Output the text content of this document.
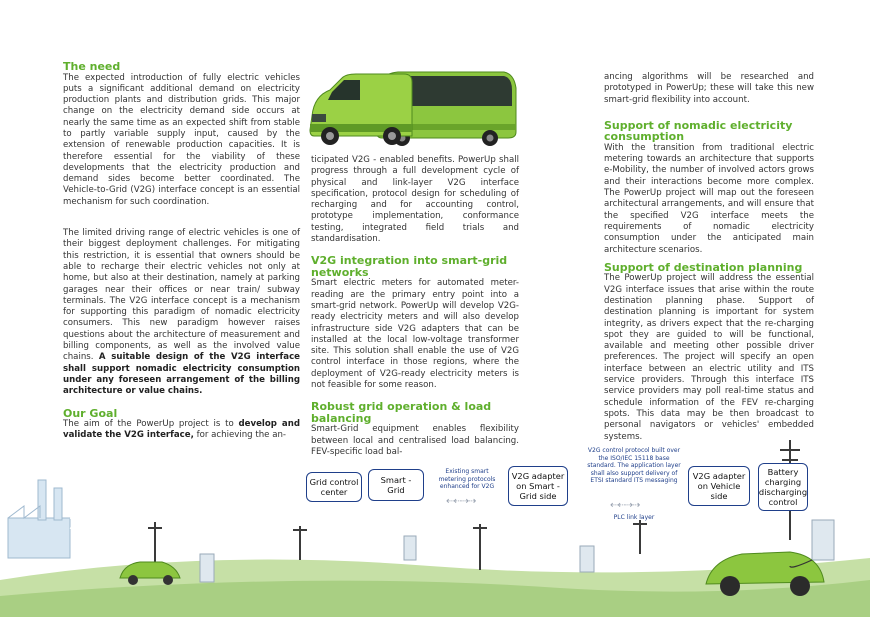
The need

The expected introduction of fully electric vehicles puts a significant additional demand on electricity production plants and distribution grids. This major change on the electricity demand side occurs at nearly the same time as an expected shift from stable to partly variable supply input, caused by the extension of renewable production capacities. It is therefore essential for the viability of these developments that the electricity production and demand sides become better coordinated. The Vehicle-to-Grid (V2G) interface concept is an essential mechanism for such coordination.

The limited driving range of electric vehicles is one of their biggest deployment challenges. For mitigating this restriction, it is essential that owners should be able to recharge their electric vehicles not only at home, but also at their destination, namely at parking garages near their offices or near train/ subway terminals. The V2G interface concept is a mechanism for supporting this paradigm of nomadic electricity consumers. This new paradigm however raises questions about the architecture of measurement and billing components, as well as the involved value chains. A suitable design of the V2G interface shall support nomadic electricity consumption under any foreseen arrangement of the billing architecture or value chains.

Our Goal

The aim of the PowerUp project is to develop and validate the V2G interface, for achieving the an-

ticipated V2G - enabled benefits. PowerUp shall progress through a full development cycle of physical and link-layer V2G interface specification, protocol design for scheduling of recharging and for accounting control, prototype implementation, conformance testing, integrated field trials and standardisation.

V2G integration into smart-grid networks

Smart electric meters for automated meter-reading are the primary entry point into a smart-grid network. PowerUp will develop V2G-ready electricity meters and will also develop infrastructure side V2G adapters that can be installed at the local low-voltage transformer site. This solution shall enable the use of V2G control interface in those regions, where the deployment of V2G-ready electricity meters is not feasible for some reason.

Robust grid operation & load balancing

Smart-Grid equipment enables flexibility between local and centralised load balancing. FEV-specific load bal-

ancing algorithms will be researched and prototyped in PowerUp; these will take this new smart-grid flexibility into account.

Support of nomadic electricity consumption

With the transition from traditional electric metering towards an architecture that supports e-Mobility, the number of involved actors grows and their interactions become more complex. The PowerUp project will map out the foreseen architectural arrangements, and will ensure that the specified V2G interface meets the requirements of nomadic electricity consumption under the anticipated main architecture scenarios.

Support of destination planning

The PowerUp project will address the essential V2G interface issues that arise within the route destination planning phase. Support of destination planning is important for system integrity, as drivers expect that the re-charging spot they are guided to will be functional, available and meeting other possible driver preferences. The project will specify an open interface between an electric utility and ITS service providers. Through this interface ITS service providers may poll real-time status and schedule information of the FEV re-charging spots. This data may be then broadcast to personal navigators or vehicles' embedded systems.

Grid control center
Smart - Grid
Existing smart metering protocols enhanced for V2G
⇠⇠⇢⇢
V2G adapter on Smart - Grid side
V2G control protocol built over the ISO/IEC 15118 base standard. The application layer shall also support delivery of ETSI standard ITS messaging
⇠⇠⇢⇢
PLC link layer
V2G adapter on Vehicle side
Battery charging discharging control
